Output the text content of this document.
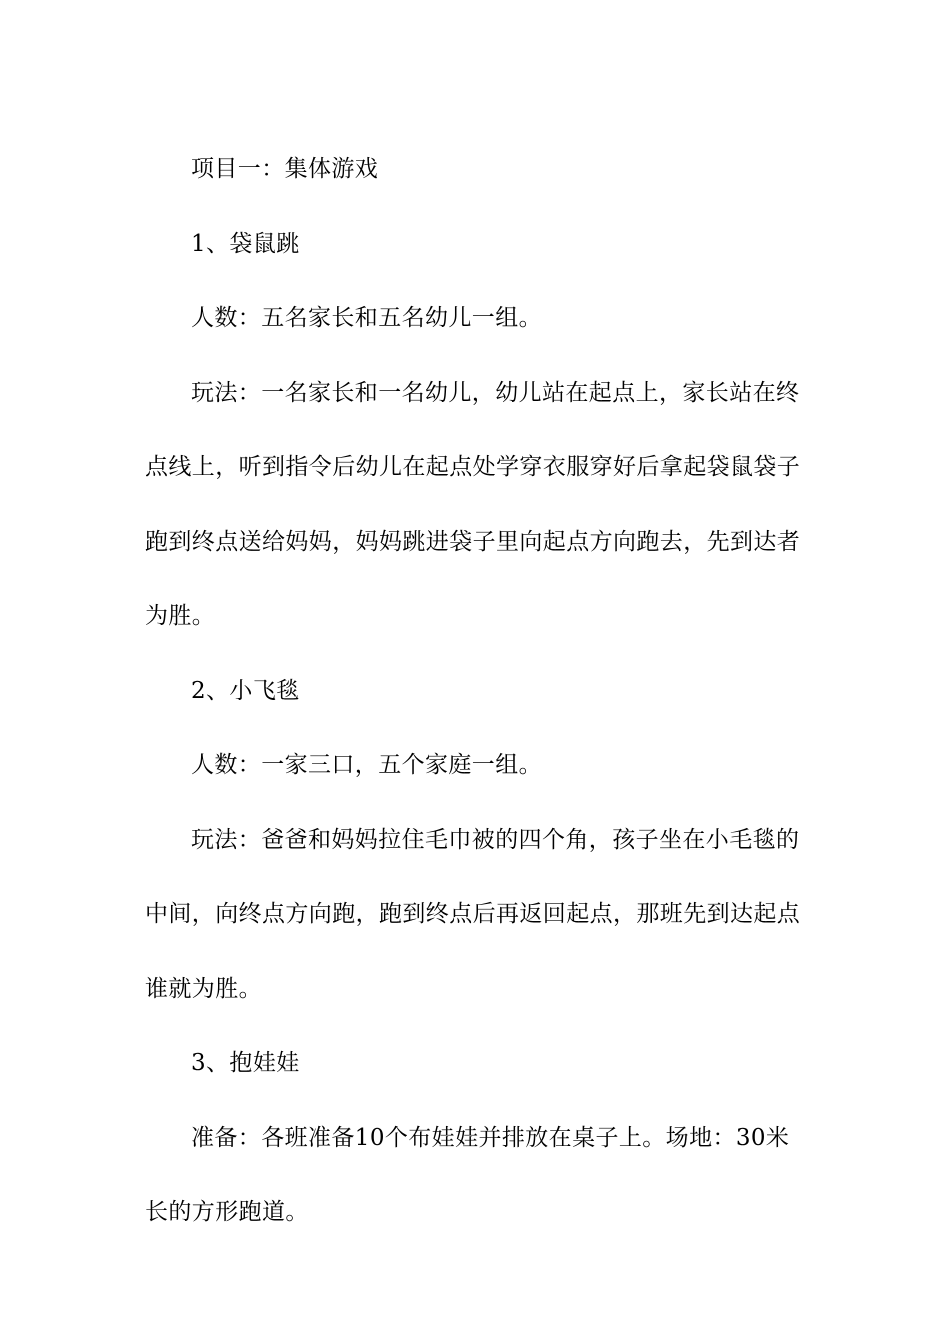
项目一：集体游戏

1、袋鼠跳

人数：五名家长和五名幼儿一组。

玩法：一名家长和一名幼儿，幼儿站在起点上，家长站在终点线上，听到指令后幼儿在起点处学穿衣服穿好后拿起袋鼠袋子跑到终点送给妈妈，妈妈跳进袋子里向起点方向跑去，先到达者为胜。

2、小飞毯

人数：一家三口，五个家庭一组。

玩法：爸爸和妈妈拉住毛巾被的四个角，孩子坐在小毛毯的中间，向终点方向跑，跑到终点后再返回起点，那班先到达起点谁就为胜。

3、抱娃娃

准备：各班准备10个布娃娃并排放在桌子上。场地：30米长的方形跑道。
